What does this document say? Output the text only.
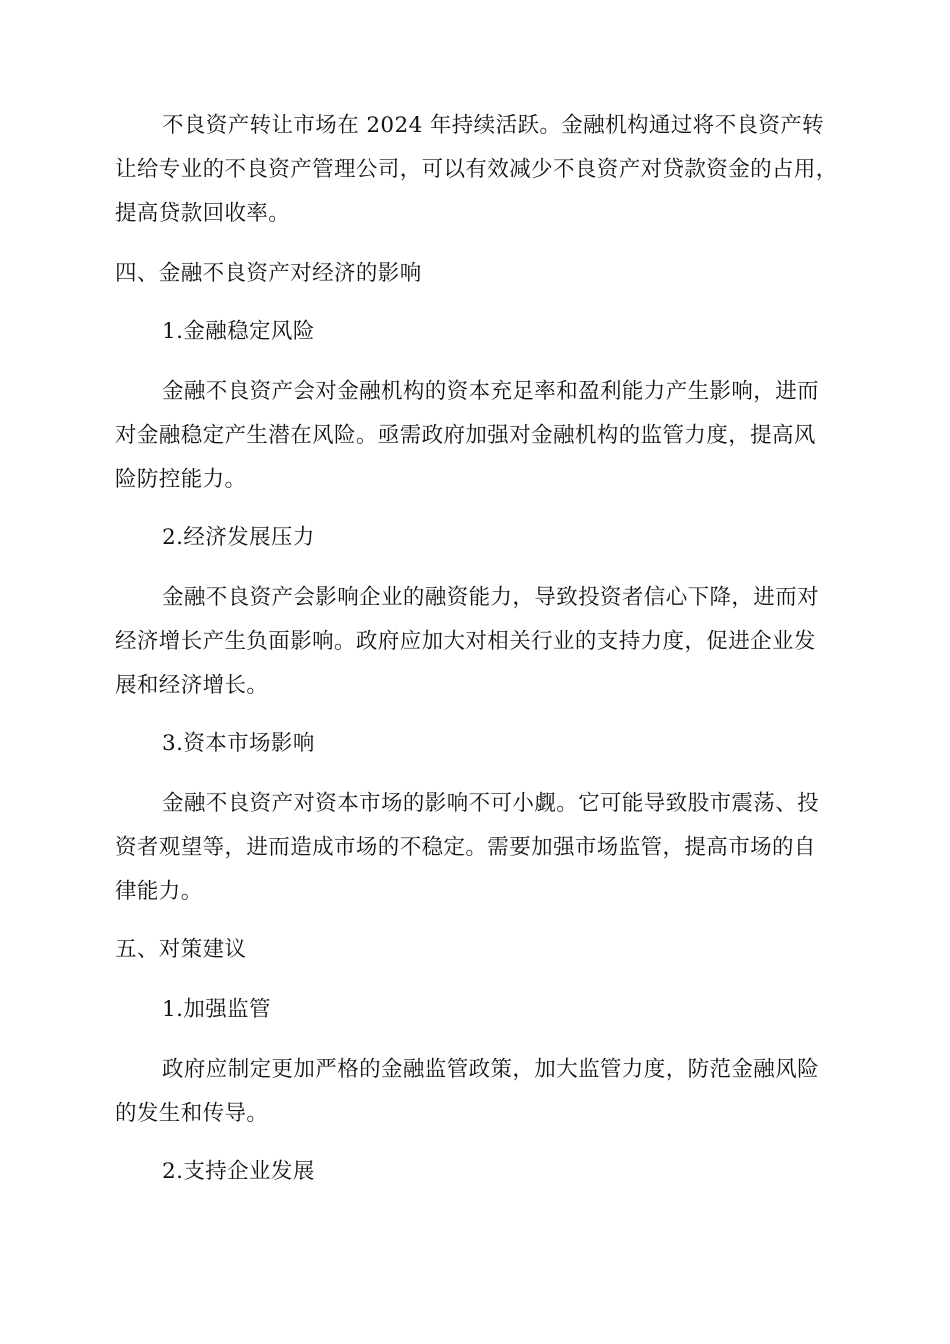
不良资产转让市场在 2024 年持续活跃。金融机构通过将不良资产转
让给专业的不良资产管理公司，可以有效减少不良资产对贷款资金的占用，
提高贷款回收率。
四、金融不良资产对经济的影响
1.金融稳定风险
金融不良资产会对金融机构的资本充足率和盈利能力产生影响，进而
对金融稳定产生潜在风险。亟需政府加强对金融机构的监管力度，提高风
险防控能力。
2.经济发展压力
金融不良资产会影响企业的融资能力，导致投资者信心下降，进而对
经济增长产生负面影响。政府应加大对相关行业的支持力度，促进企业发
展和经济增长。
3.资本市场影响
金融不良资产对资本市场的影响不可小觑。它可能导致股市震荡、投
资者观望等，进而造成市场的不稳定。需要加强市场监管，提高市场的自
律能力。
五、对策建议
1.加强监管
政府应制定更加严格的金融监管政策，加大监管力度，防范金融风险
的发生和传导。
2.支持企业发展
